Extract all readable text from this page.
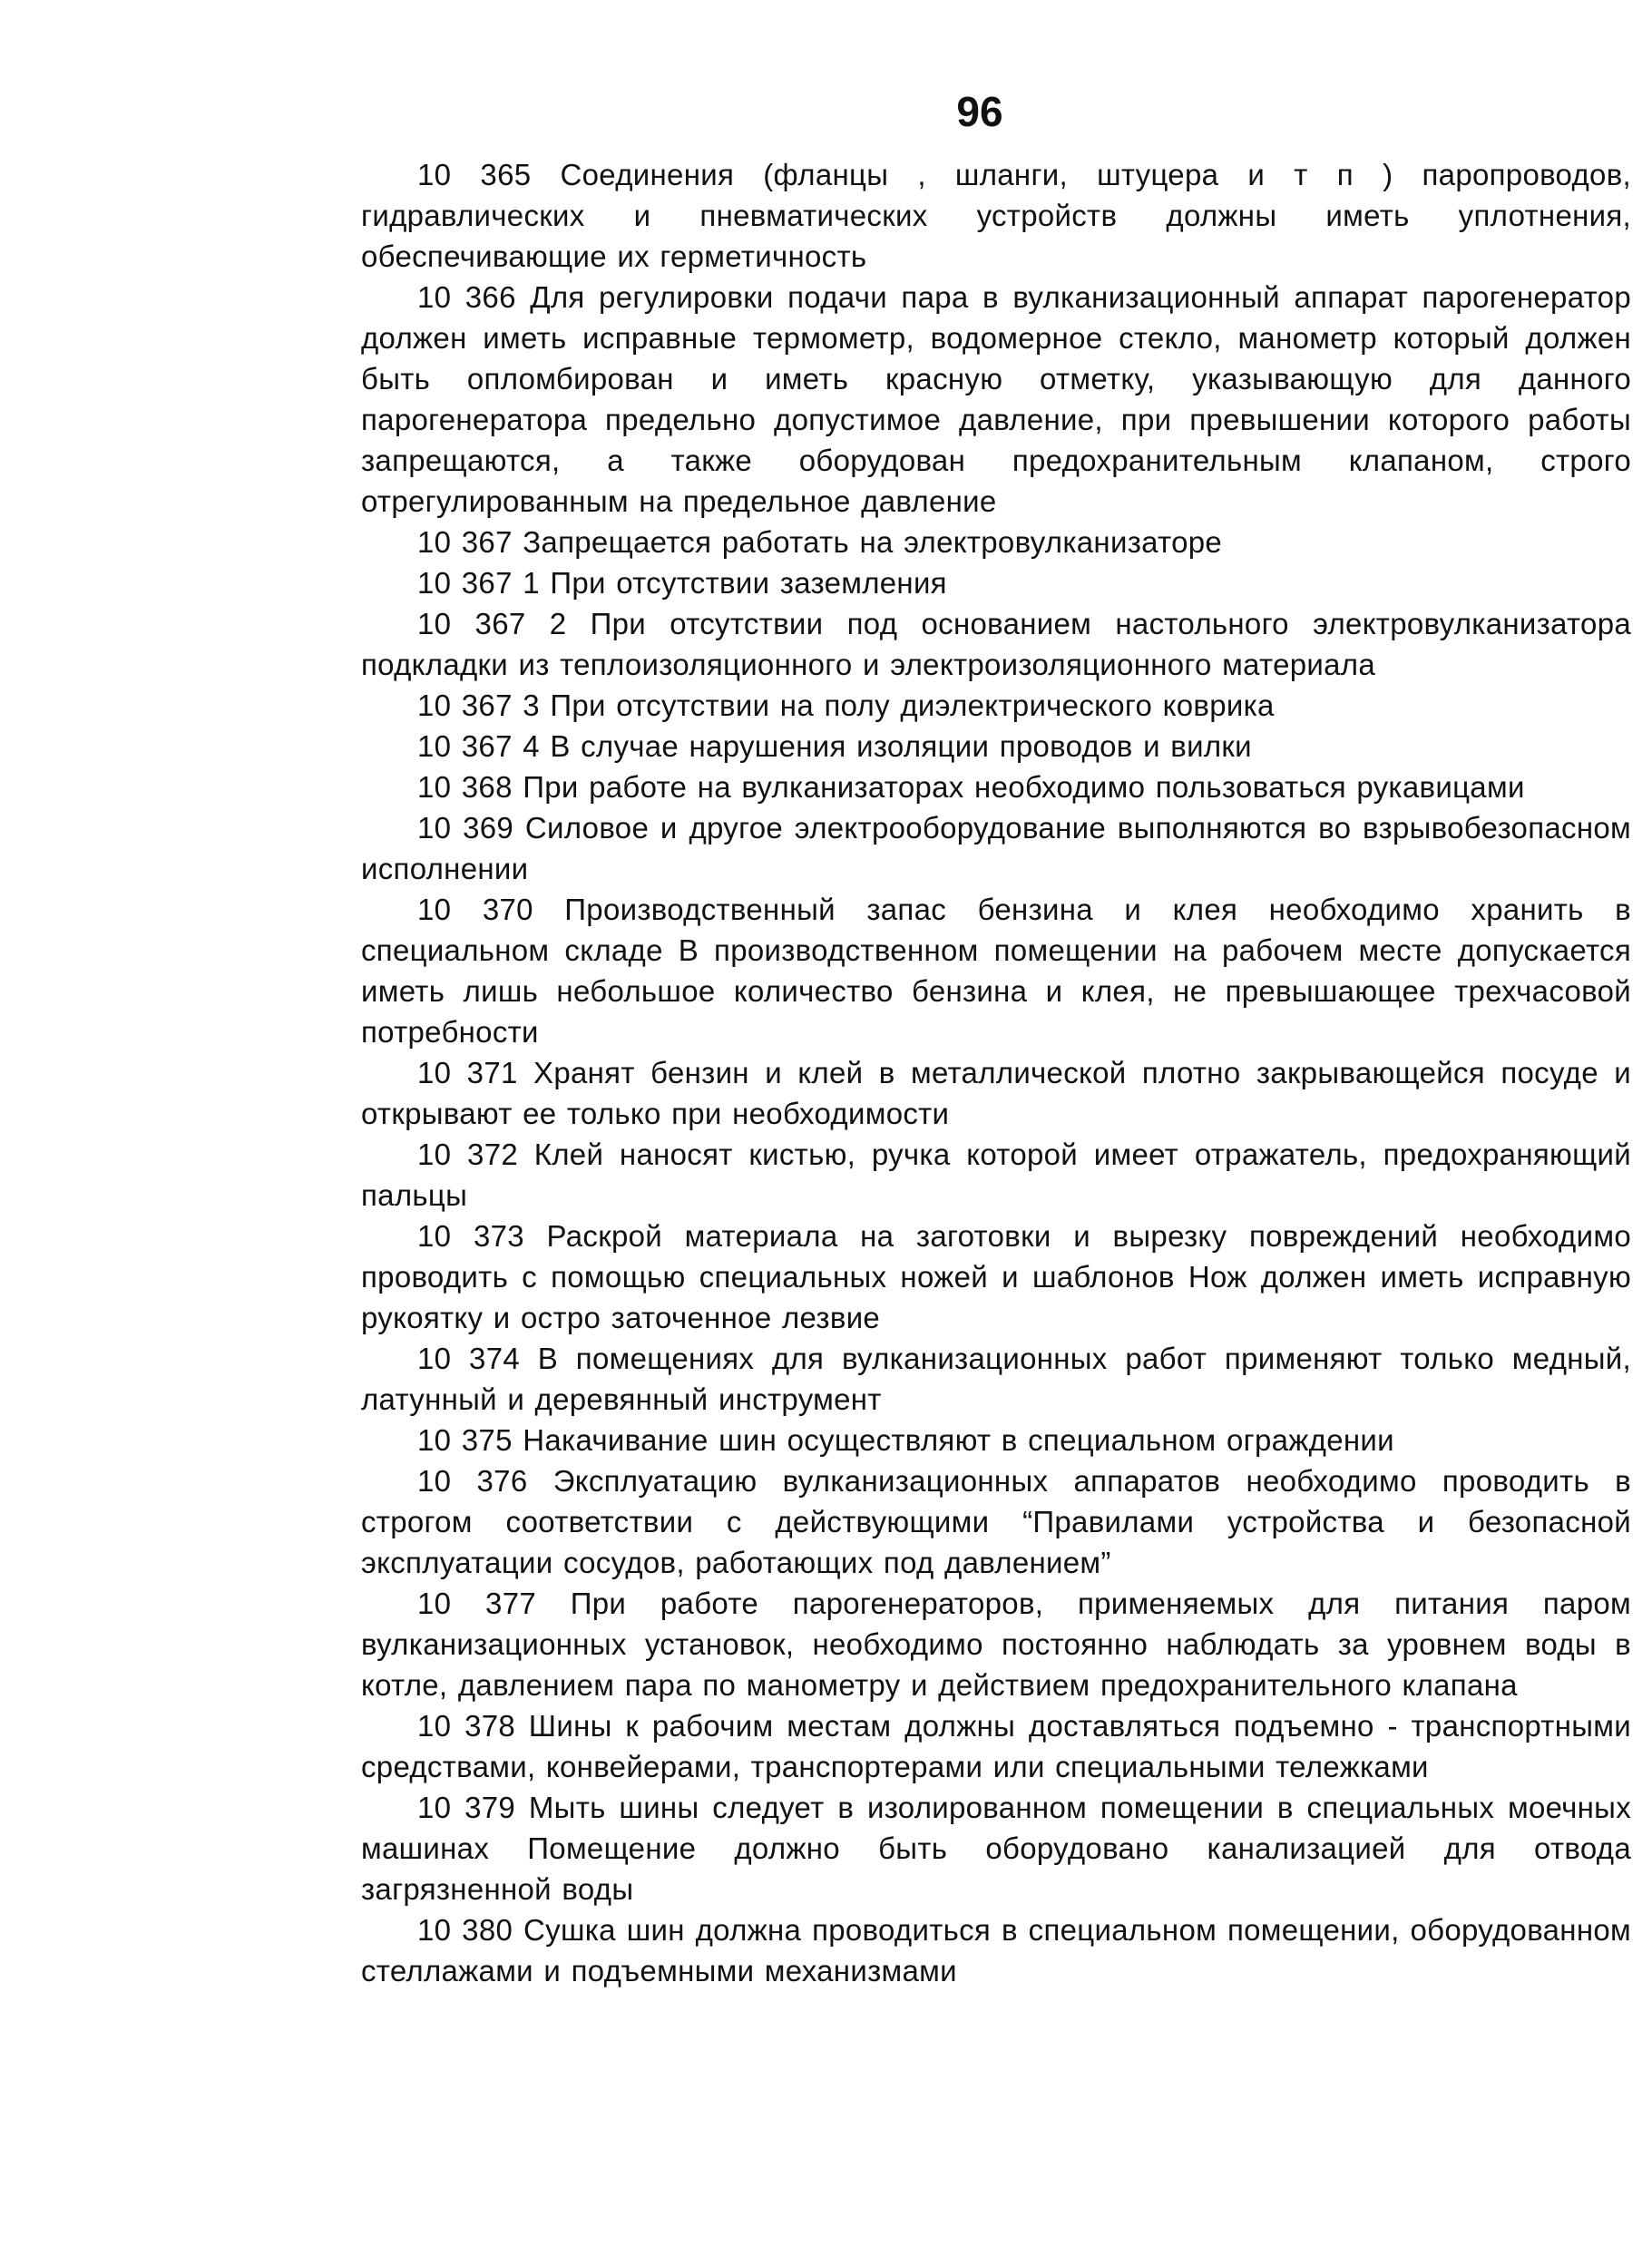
96

10 365 Соединения (фланцы , шланги, штуцера и т п ) паропроводов, гидравлических и пневматических устройств должны иметь уплотнения, обеспечивающие их герметичность

10 366 Для регулировки подачи пара в вулканизационный аппарат парогенератор должен иметь исправные термометр, водомерное стекло, манометр который должен быть опломбирован и иметь красную отметку, указывающую для данного парогенератора предельно допустимое давление, при превышении которого работы запрещаются, а также оборудован предохранительным клапаном, строго отрегулированным на предельное давление

10 367 Запрещается работать на электровулканизаторе

10 367 1 При отсутствии заземления

10 367 2 При отсутствии под основанием настольного электровулканизатора подкладки из теплоизоляционного и электроизоляционного материала

10 367 3 При отсутствии на полу диэлектрического коврика

10 367 4 В случае нарушения изоляции проводов и вилки

10 368 При работе на вулканизаторах необходимо пользоваться рукавицами

10 369 Силовое и другое электрооборудование выполняются во взрывобезопасном исполнении

10 370 Производственный запас бензина и клея необходимо хранить в специальном складе В производственном помещении на рабочем месте допускается иметь лишь небольшое количество бензина и клея, не превышающее трехчасовой потребности

10 371 Хранят бензин и клей в металлической плотно закрывающейся посуде и открывают ее только при необходимости

10 372 Клей наносят кистью, ручка которой имеет отражатель, предохраняющий пальцы

10 373 Раскрой материала на заготовки и вырезку повреждений необходимо проводить с помощью специальных ножей и шаблонов Нож должен иметь исправную рукоятку и остро заточенное лезвие

10 374 В помещениях для вулканизационных работ применяют только медный, латунный и деревянный инструмент

10 375 Накачивание шин осуществляют в специальном ограждении

10 376 Эксплуатацию вулканизационных аппаратов необходимо проводить в строгом соответствии с действующими “Правилами устройства и безопасной эксплуатации сосудов, работающих под давлением”

10 377 При работе парогенераторов, применяемых для питания паром вулканизационных установок, необходимо постоянно наблюдать за уровнем воды в котле, давлением пара по манометру и действием предохранительного клапана

10 378 Шины к рабочим местам должны доставляться подъемно - транспортными средствами, конвейерами, транспортерами или специальными тележками

10 379 Мыть шины следует в изолированном помещении в специальных моечных машинах Помещение должно быть оборудовано канализацией для отвода загрязненной воды

10 380 Сушка шин должна проводиться в специальном помещении, оборудованном стеллажами и подъемными механизмами
